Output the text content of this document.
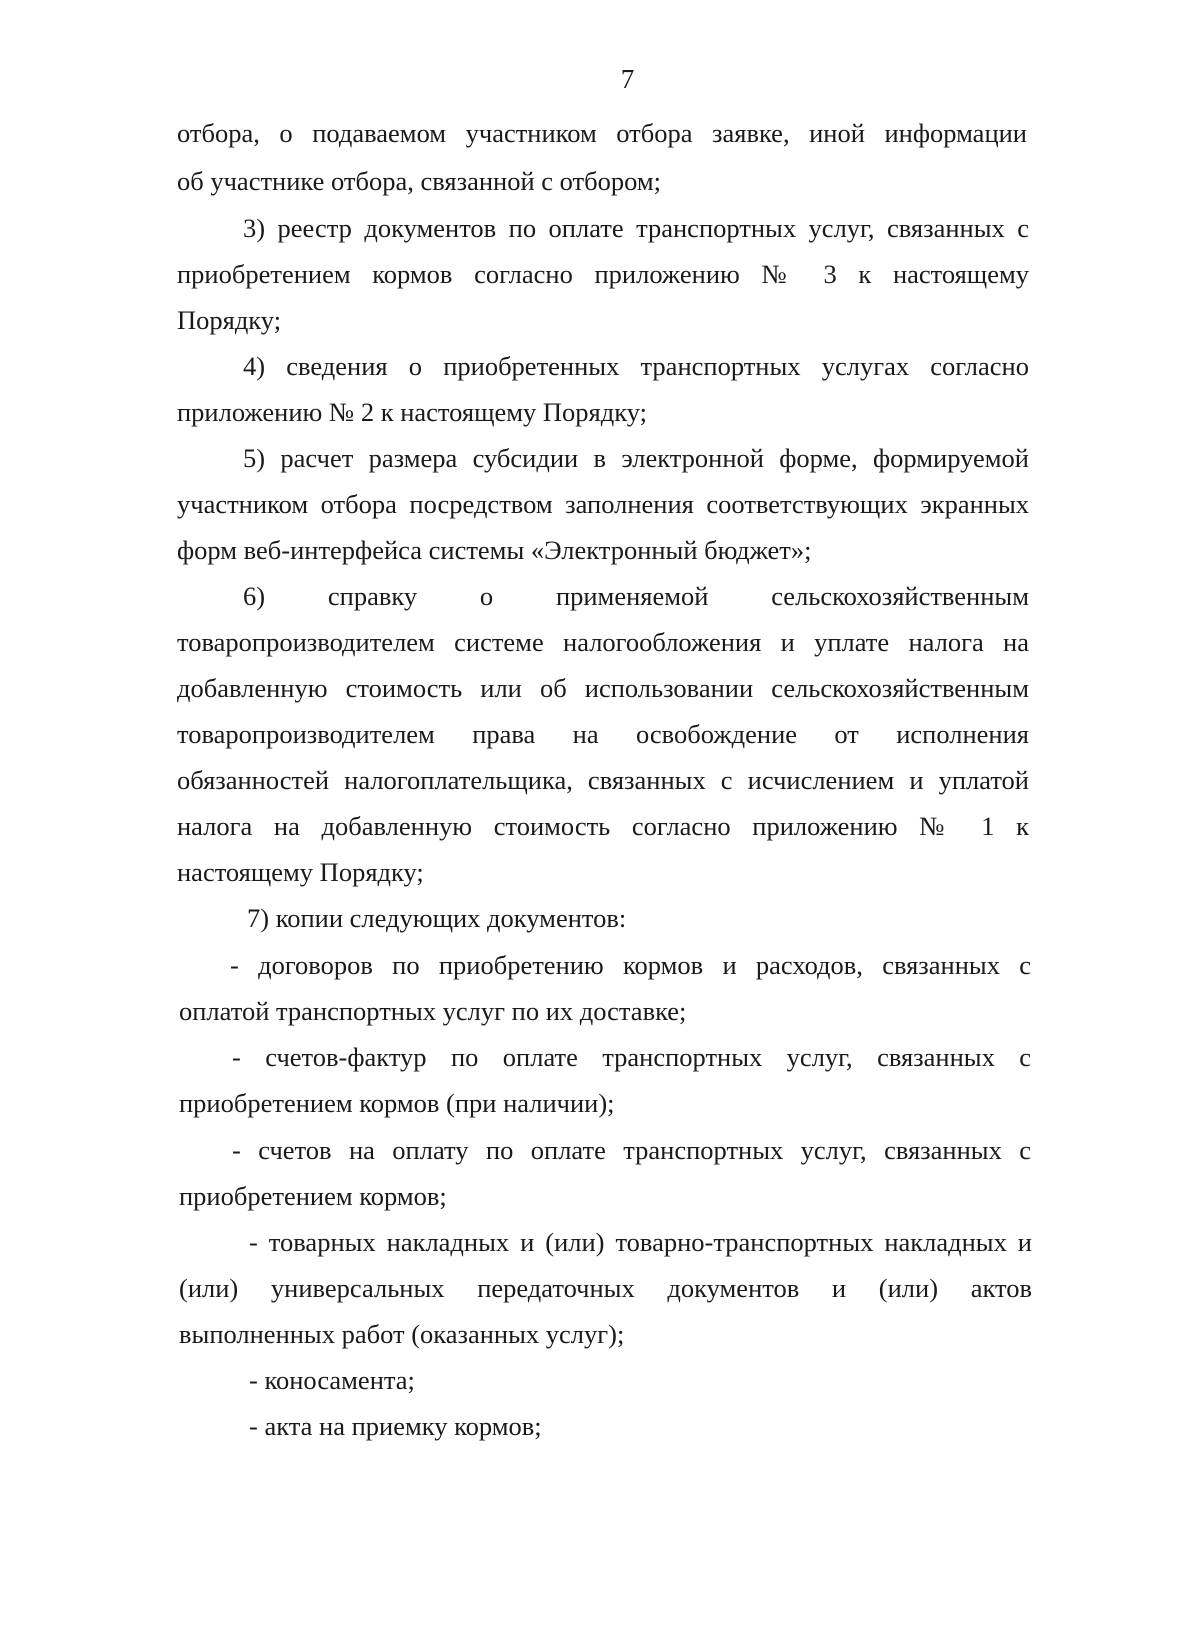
7
отбора, о подаваемом участником отбора заявке, иной информации
об участнике отбора, связанной с отбором;
3) реестр документов по оплате транспортных услуг, связанных с
приобретением кормов согласно приложению № 3 к настоящему
Порядку;
4) сведения о приобретенных транспортных услугах согласно
приложению № 2 к настоящему Порядку;
5) расчет размера субсидии в электронной форме, формируемой
участником отбора посредством заполнения соответствующих экранных
форм веб-интерфейса системы «Электронный бюджет»;
6) справку о применяемой сельскохозяйственным
товаропроизводителем системе налогообложения и уплате налога на
добавленную стоимость или об использовании сельскохозяйственным
товаропроизводителем права на освобождение от исполнения
обязанностей налогоплательщика, связанных с исчислением и уплатой
налога на добавленную стоимость согласно приложению № 1 к
настоящему Порядку;
7) копии следующих документов:
- договоров по приобретению кормов и расходов, связанных с
оплатой транспортных услуг по их доставке;
- счетов-фактур по оплате транспортных услуг, связанных с
приобретением кормов (при наличии);
- счетов на оплату по оплате транспортных услуг, связанных с
приобретением кормов;
- товарных накладных и (или) товарно-транспортных накладных и
(или) универсальных передаточных документов и (или) актов
выполненных работ (оказанных услуг);
- коносамента;
- акта на приемку кормов;
